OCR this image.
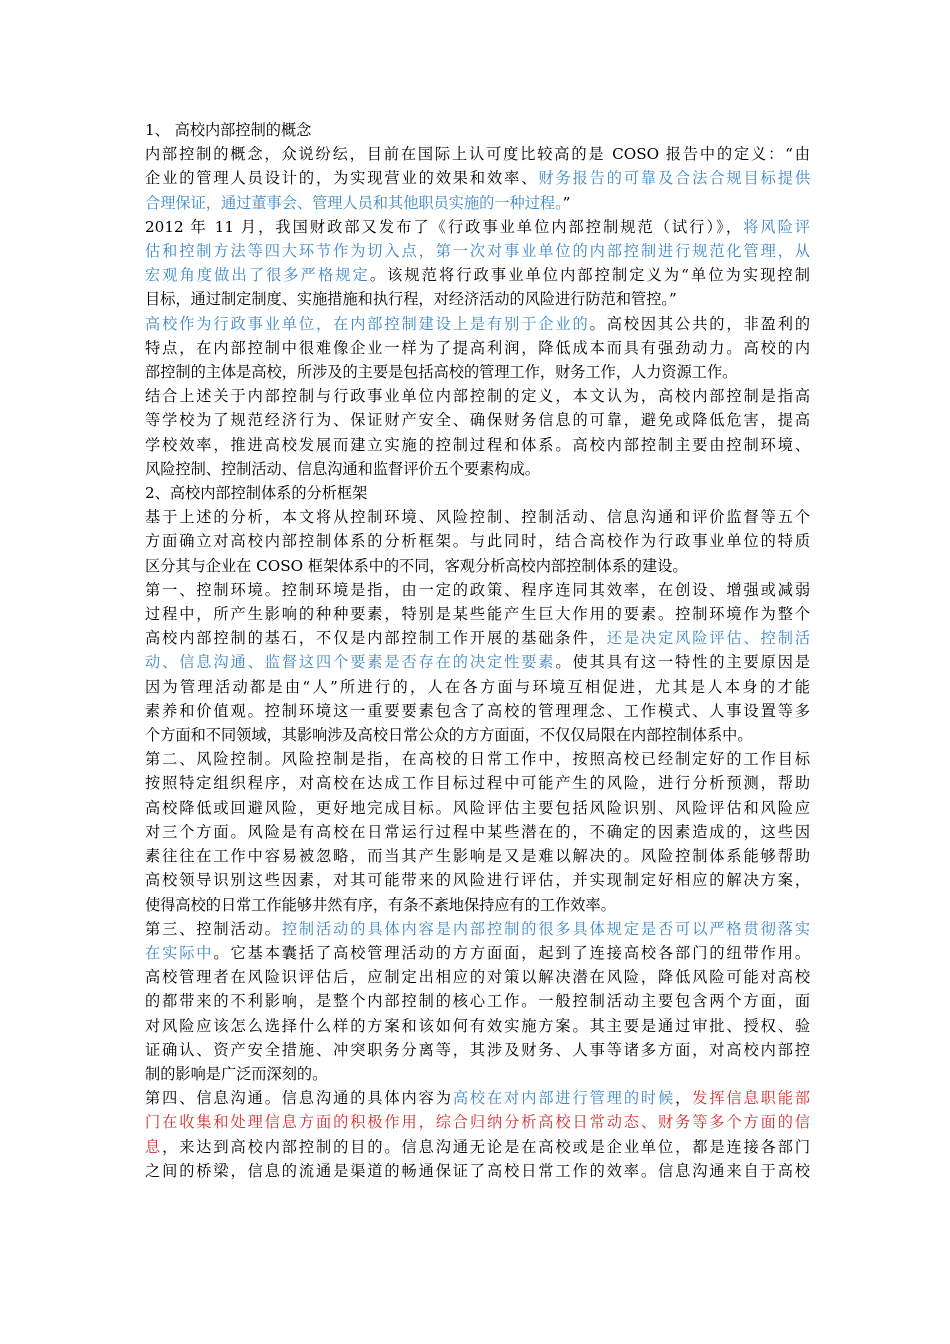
1、 高校内部控制的概念
内部控制的概念，众说纷纭，目前在国际上认可度比较高的是 COSO 报告中的定义：“由
企业的管理人员设计的，为实现营业的效果和效率、财务报告的可靠及合法合规目标提供
合理保证，通过董事会、管理人员和其他职员实施的一种过程。”
2012 年 11 月，我国财政部又发布了《行政事业单位内部控制规范（试行）》，将风险评
估和控制方法等四大环节作为切入点，第一次对事业单位的内部控制进行规范化管理，从
宏观角度做出了很多严格规定。该规范将行政事业单位内部控制定义为“单位为实现控制
目标，通过制定制度、实施措施和执行程，对经济活动的风险进行防范和管控。”
高校作为行政事业单位，在内部控制建设上是有别于企业的。高校因其公共的，非盈利的
特点，在内部控制中很难像企业一样为了提高利润，降低成本而具有强劲动力。高校的内
部控制的主体是高校，所涉及的主要是包括高校的管理工作，财务工作，人力资源工作。
结合上述关于内部控制与行政事业单位内部控制的定义，本文认为，高校内部控制是指高
等学校为了规范经济行为、保证财产安全、确保财务信息的可靠，避免或降低危害，提高
学校效率，推进高校发展而建立实施的控制过程和体系。高校内部控制主要由控制环境、
风险控制、控制活动、信息沟通和监督评价五个要素构成。
2、高校内部控制体系的分析框架
基于上述的分析，本文将从控制环境、风险控制、控制活动、信息沟通和评价监督等五个
方面确立对高校内部控制体系的分析框架。与此同时，结合高校作为行政事业单位的特质
区分其与企业在 COSO 框架体系中的不同，客观分析高校内部控制体系的建设。
第一、控制环境。控制环境是指，由一定的政策、程序连同其效率，在创设、增强或减弱
过程中，所产生影响的种种要素，特别是某些能产生巨大作用的要素。控制环境作为整个
高校内部控制的基石，不仅是内部控制工作开展的基础条件，还是决定风险评估、控制活
动、信息沟通、监督这四个要素是否存在的决定性要素。使其具有这一特性的主要原因是
因为管理活动都是由“人”所进行的，人在各方面与环境互相促进，尤其是人本身的才能
素养和价值观。控制环境这一重要要素包含了高校的管理理念、工作模式、人事设置等多
个方面和不同领域，其影响涉及高校日常公众的方方面面，不仅仅局限在内部控制体系中。
第二、风险控制。风险控制是指，在高校的日常工作中，按照高校已经制定好的工作目标
按照特定组织程序，对高校在达成工作目标过程中可能产生的风险，进行分析预测，帮助
高校降低或回避风险，更好地完成目标。风险评估主要包括风险识别、风险评估和风险应
对三个方面。风险是有高校在日常运行过程中某些潜在的，不确定的因素造成的，这些因
素往往在工作中容易被忽略，而当其产生影响是又是难以解决的。风险控制体系能够帮助
高校领导识别这些因素，对其可能带来的风险进行评估，并实现制定好相应的解决方案，
使得高校的日常工作能够井然有序，有条不紊地保持应有的工作效率。
第三、控制活动。控制活动的具体内容是内部控制的很多具体规定是否可以严格贯彻落实
在实际中。它基本囊括了高校管理活动的方方面面，起到了连接高校各部门的纽带作用。
高校管理者在风险识评估后，应制定出相应的对策以解决潜在风险，降低风险可能对高校
的都带来的不利影响，是整个内部控制的核心工作。一般控制活动主要包含两个方面，面
对风险应该怎么选择什么样的方案和该如何有效实施方案。其主要是通过审批、授权、验
证确认、资产安全措施、冲突职务分离等，其涉及财务、人事等诸多方面，对高校内部控
制的影响是广泛而深刻的。
第四、信息沟通。信息沟通的具体内容为高校在对内部进行管理的时候，发挥信息职能部
门在收集和处理信息方面的积极作用，综合归纳分析高校日常动态、财务等多个方面的信
息，来达到高校内部控制的目的。信息沟通无论是在高校或是企业单位，都是连接各部门
之间的桥梁，信息的流通是渠道的畅通保证了高校日常工作的效率。信息沟通来自于高校
